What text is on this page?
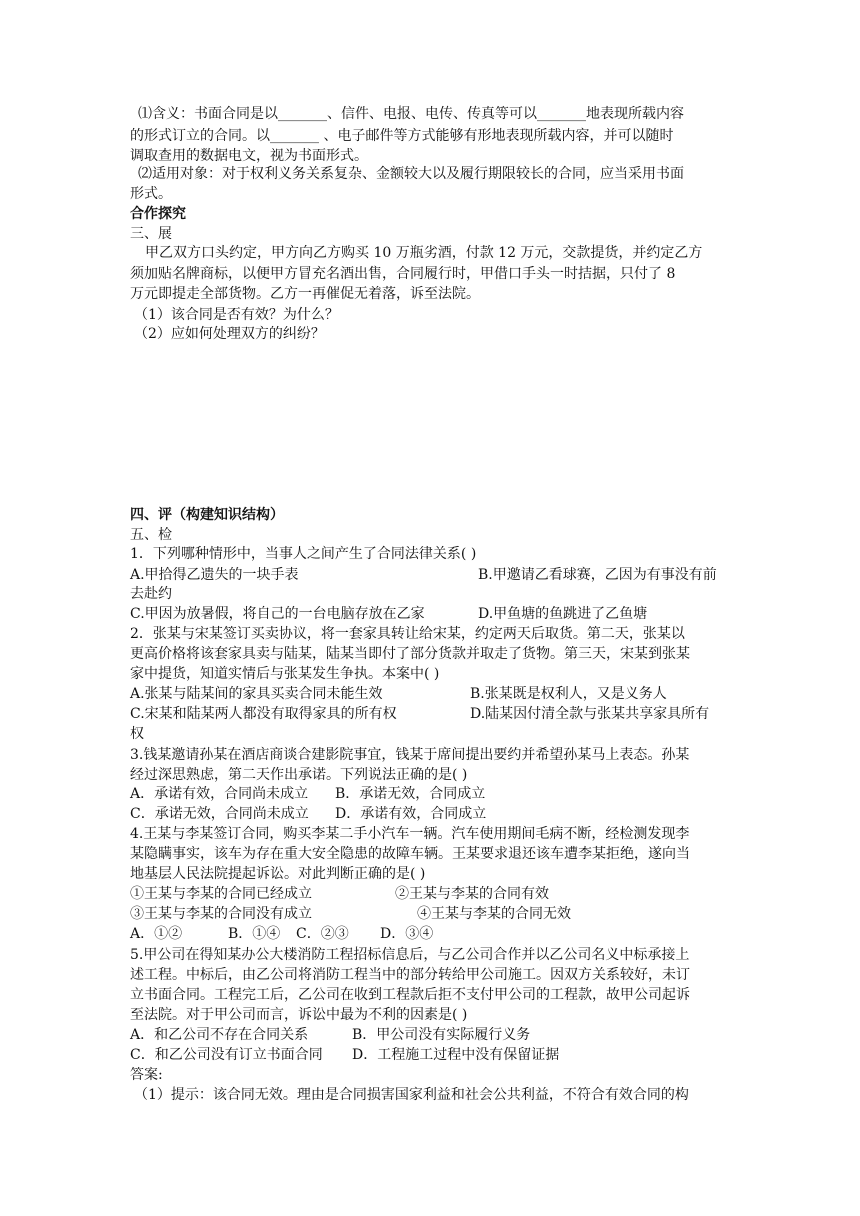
⑴含义：书面合同是以_______、信件、电报、电传、传真等可以_______地表现所载内容
的形式订立的合同。以_______ 、电子邮件等方式能够有形地表现所载内容，并可以随时
调取查用的数据电文，视为书面形式。
⑵适用对象：对于权利义务关系复杂、金额较大以及履行期限较长的合同，应当采用书面
形式。
合作探究
三、展
甲乙双方口头约定，甲方向乙方购买 10 万瓶劣酒，付款 12 万元，交款提货，并约定乙方
须加贴名牌商标，以便甲方冒充名酒出售，合同履行时，甲借口手头一时拮据，只付了 8
万元即提走全部货物。乙方一再催促无着落，诉至法院。
（1）该合同是否有效？为什么？
（2）应如何处理双方的纠纷？
四、评（构建知识结构）
五、检
1．下列哪种情形中，当事人之间产生了合同法律关系( )
A.甲拾得乙遗失的一块手表	B.甲邀请乙看球赛，乙因为有事没有前
去赴约
C.甲因为放暑假，将自己的一台电脑存放在乙家	D.甲鱼塘的鱼跳进了乙鱼塘
2．张某与宋某签订买卖协议，将一套家具转让给宋某，约定两天后取货。第二天，张某以
更高价格将该套家具卖与陆某，陆某当即付了部分货款并取走了货物。第三天，宋某到张某
家中提货，知道实情后与张某发生争执。本案中( )
A.张某与陆某间的家具买卖合同未能生效	B.张某既是权利人，又是义务人
C.宋某和陆某两人都没有取得家具的所有权	D.陆某因付清全款与张某共享家具所有
权
3.钱某邀请孙某在酒店商谈合建影院事宜，钱某于席间提出要约并希望孙某马上表态。孙某
经过深思熟虑，第二天作出承诺。下列说法正确的是( )
A．承诺有效，合同尚未成立 B．承诺无效，合同成立
C．承诺无效，合同尚未成立 D．承诺有效，合同成立
4.王某与李某签订合同，购买李某二手小汽车一辆。汽车使用期间毛病不断，经检测发现李
某隐瞒事实，该车为存在重大安全隐患的故障车辆。王某要求退还该车遭李某拒绝，遂向当
地基层人民法院提起诉讼。对此判断正确的是( )
①王某与李某的合同已经成立	②王某与李某的合同有效
③王某与李某的合同没有成立	④王某与李某的合同无效
A．①②	B．①④ C．②③ D．③④
5.甲公司在得知某办公大楼消防工程招标信息后，与乙公司合作并以乙公司名义中标承接上
述工程。中标后，由乙公司将消防工程当中的部分转给甲公司施工。因双方关系较好，未订
立书面合同。工程完工后，乙公司在收到工程款后拒不支付甲公司的工程款，故甲公司起诉
至法院。对于甲公司而言，诉讼中最为不利的因素是( )
A．和乙公司不存在合同关系	B．甲公司没有实际履行义务
C．和乙公司没有订立书面合同 D．工程施工过程中没有保留证据
答案:
（1）提示：该合同无效。理由是合同损害国家利益和社会公共利益，不符合有效合同的构
